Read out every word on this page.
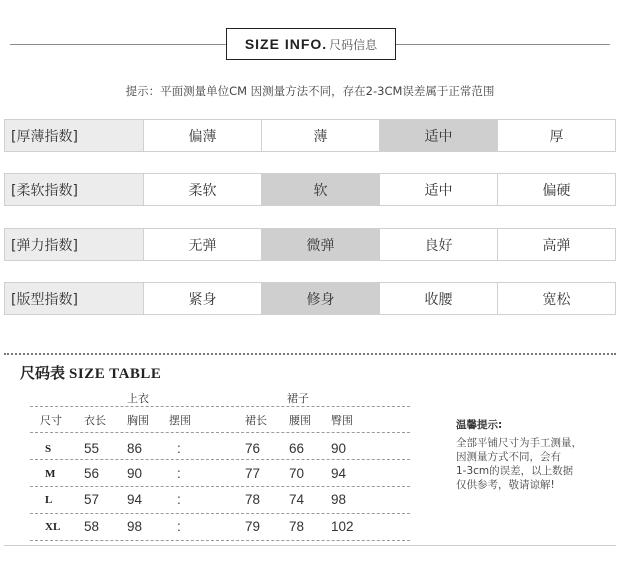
SIZE INFO. 尺码信息
提示：平面测量单位CM 因测量方法不同，存在2-3CM误差属于正常范围
[厚薄指数]	偏薄	薄	适中	厚
[柔软指数]	柔软	软	适中	偏硬
[弹力指数]	无弹	微弹	良好	高弹
[版型指数]	紧身	修身	收腰	宽松
尺码表 SIZE TABLE
上衣	裙子
尺寸 衣长 胸围 摆围	裙长 腰围 臀围
S 55 86	:	76 66 90
M 56 90	:	77 70 94
L 57 94	:	78 74 98
XL 58 98	:	79 78 102
温馨提示:
全部平铺尺寸为手工测量，
因测量方式不同，会有
1-3cm的误差，以上数据
仅供参考，敬请谅解!
